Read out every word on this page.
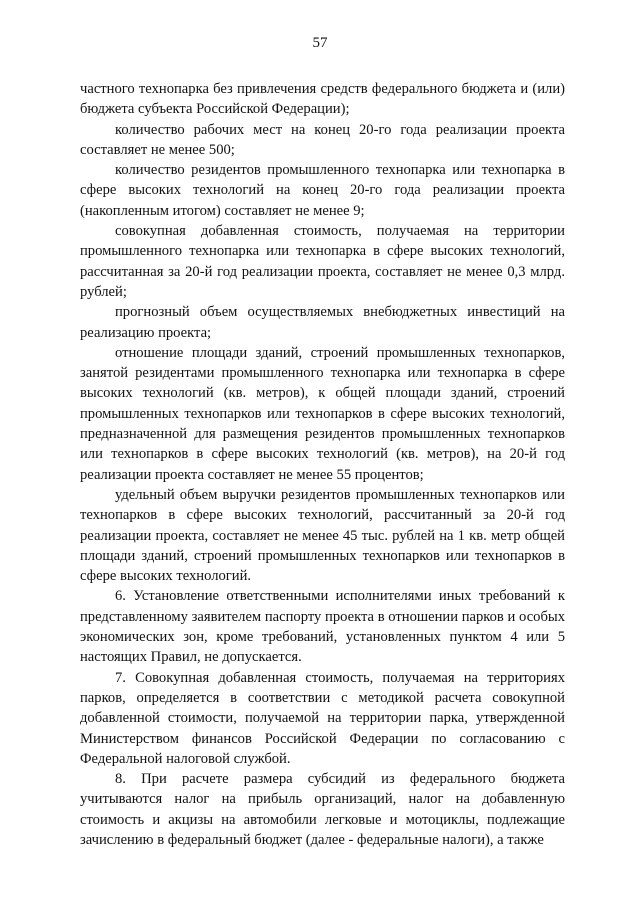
57

частного технопарка без привлечения средств федерального бюджета и (или) бюджета субъекта Российской Федерации);

количество рабочих мест на конец 20-го года реализации проекта составляет не менее 500;

количество резидентов промышленного технопарка или технопарка в сфере высоких технологий на конец 20-го года реализации проекта (накопленным итогом) составляет не менее 9;

совокупная добавленная стоимость, получаемая на территории промышленного технопарка или технопарка в сфере высоких технологий, рассчитанная за 20-й год реализации проекта, составляет не менее 0,3 млрд. рублей;

прогнозный объем осуществляемых внебюджетных инвестиций на реализацию проекта;

отношение площади зданий, строений промышленных технопарков, занятой резидентами промышленного технопарка или технопарка в сфере высоких технологий (кв. метров), к общей площади зданий, строений промышленных технопарков или технопарков в сфере высоких технологий, предназначенной для размещения резидентов промышленных технопарков или технопарков в сфере высоких технологий (кв. метров), на 20-й год реализации проекта составляет не менее 55 процентов;

удельный объем выручки резидентов промышленных технопарков или технопарков в сфере высоких технологий, рассчитанный за 20-й год реализации проекта, составляет не менее 45 тыс. рублей на 1 кв. метр общей площади зданий, строений промышленных технопарков или технопарков в сфере высоких технологий.

6. Установление ответственными исполнителями иных требований к представленному заявителем паспорту проекта в отношении парков и особых экономических зон, кроме требований, установленных пунктом 4 или 5 настоящих Правил, не допускается.

7. Совокупная добавленная стоимость, получаемая на территориях парков, определяется в соответствии с методикой расчета совокупной добавленной стоимости, получаемой на территории парка, утвержденной Министерством финансов Российской Федерации по согласованию с Федеральной налоговой службой.

8. При расчете размера субсидий из федерального бюджета учитываются налог на прибыль организаций, налог на добавленную стоимость и акцизы на автомобили легковые и мотоциклы, подлежащие зачислению в федеральный бюджет (далее - федеральные налоги), а также
